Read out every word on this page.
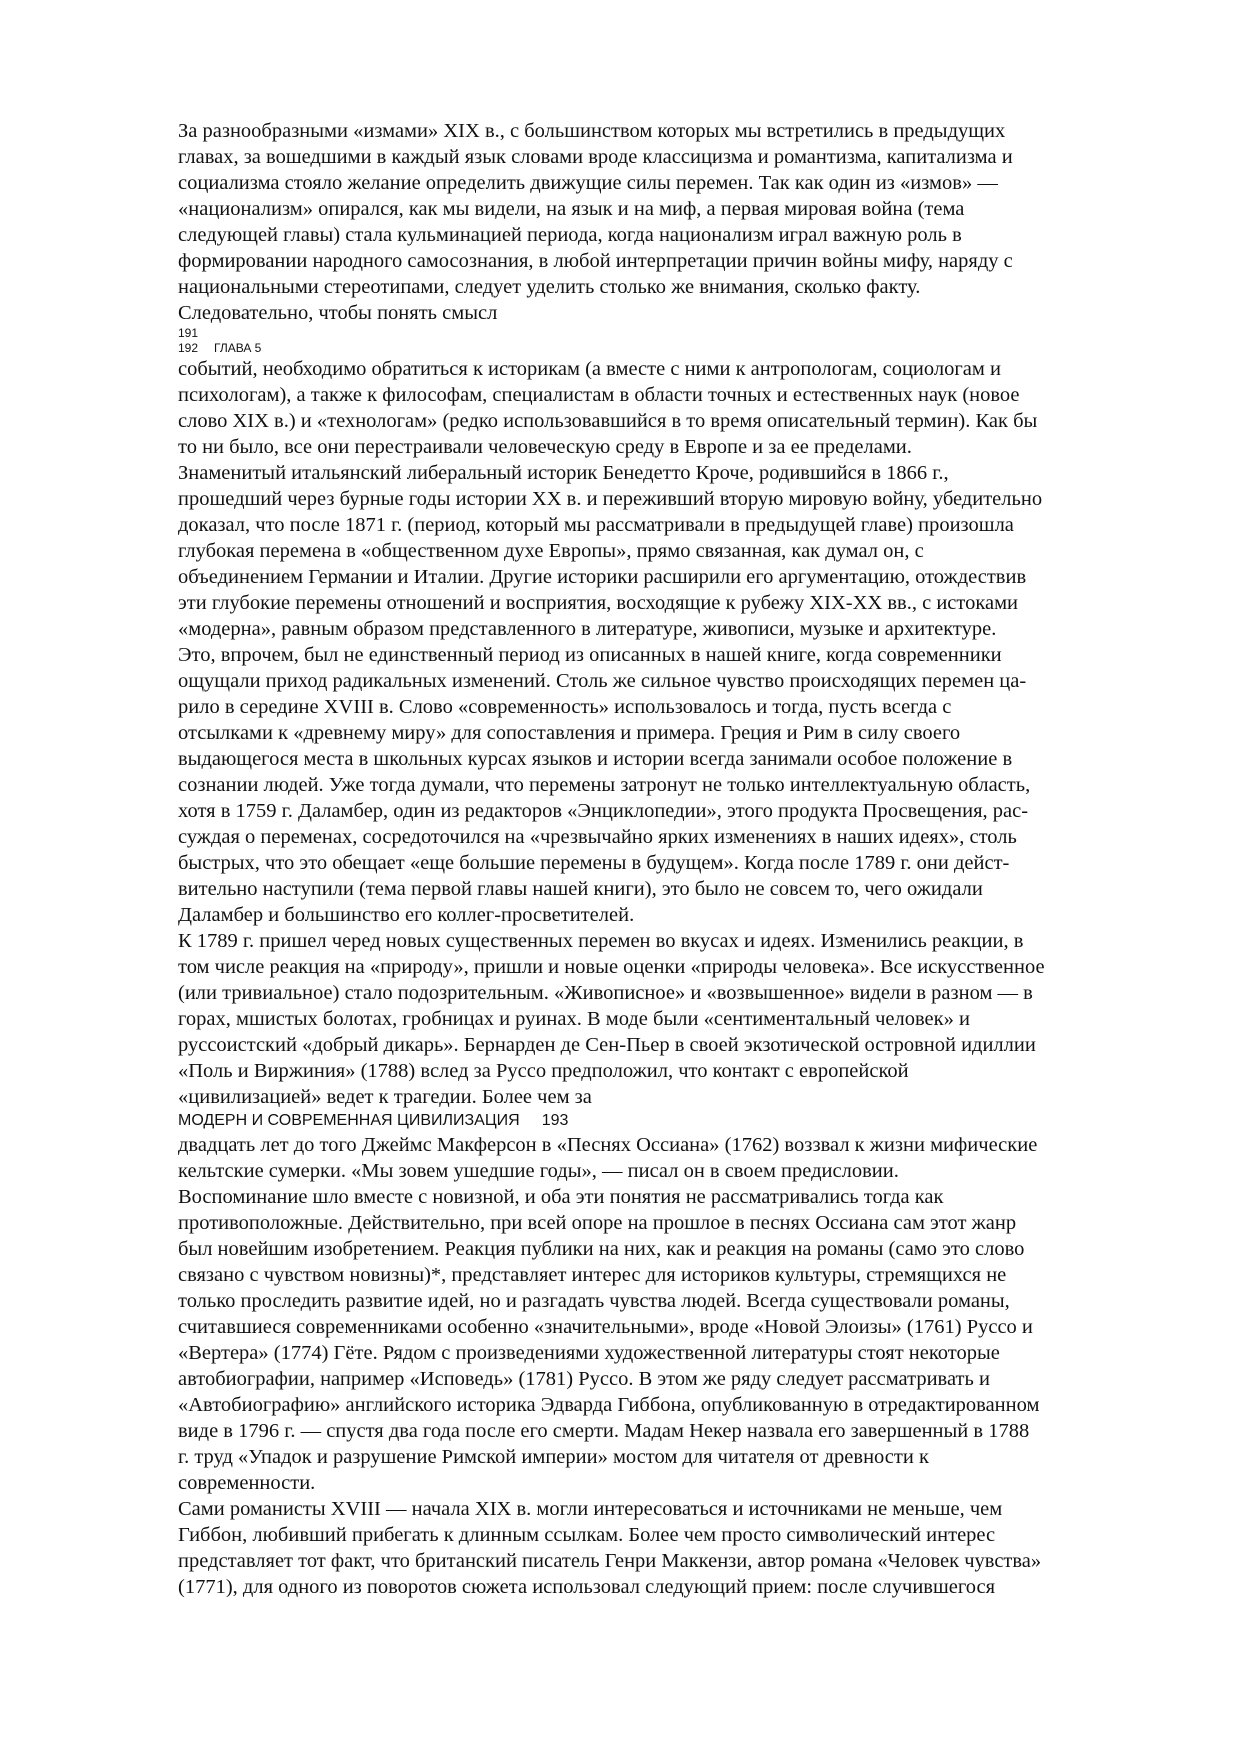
За разнообразными «измами» XIX в., с большинством которых мы встретились в предыдущих

главах, за вошедшими в каждый язык словами вроде классицизма и романтизма, капитализма и

социализма стояло желание определить движущие силы перемен. Так как один из «измов» —

«национализм» опирался, как мы видели, на язык и на миф, а первая мировая война (тема

следующей главы) стала кульминацией периода, когда национализм играл важную роль в

формировании народного самосознания, в любой интерпретации причин войны мифу, наряду с

национальными стереотипами, следует уделить столько же внимания, сколько факту.

Следовательно, чтобы понять смысл

191

192 ГЛАВА 5

событий, необходимо обратиться к историкам (а вместе с ними к антропологам, социологам и

психологам), а также к философам, специалистам в области точных и естественных наук (новое

слово XIX в.) и «технологам» (редко использовавшийся в то время описательный термин). Как бы

то ни было, все они перестраивали человеческую среду в Европе и за ее пределами.

Знаменитый итальянский либеральный историк Бенедетто Кроче, родившийся в 1866 г.,

прошедший через бурные годы истории XX в. и переживший вторую мировую войну, убедительно

доказал, что после 1871 г. (период, который мы рассматривали в предыдущей главе) произошла

глубокая перемена в «общественном духе Европы», прямо связанная, как думал он, с

объединением Германии и Италии. Другие историки расширили его аргументацию, отождествив

эти глубокие перемены отношений и восприятия, восходящие к рубежу XIX-XX вв., с истоками

«модерна», равным образом представленного в литературе, живописи, музыке и архитектуре.

Это, впрочем, был не единственный период из описанных в нашей книге, когда современники

ощущали приход радикальных изменений. Столь же сильное чувство происходящих перемен ца-

рило в середине XVIII в. Слово «современность» использовалось и тогда, пусть всегда с

отсылками к «древнему миру» для сопоставления и примера. Греция и Рим в силу своего

выдающегося места в школьных курсах языков и истории всегда занимали особое положение в

сознании людей. Уже тогда думали, что перемены затронут не только интеллектуальную область,

хотя в 1759 г. Даламбер, один из редакторов «Энциклопедии», этого продукта Просвещения, рас-

суждая о переменах, сосредоточился на «чрезвычайно ярких изменениях в наших идеях», столь

быстрых, что это обещает «еще большие перемены в будущем». Когда после 1789 г. они дейст-

вительно наступили (тема первой главы нашей книги), это было не совсем то, чего ожидали

Даламбер и большинство его коллег-просветителей.

К 1789 г. пришел черед новых существенных перемен во вкусах и идеях. Изменились реакции, в

том числе реакция на «природу», пришли и новые оценки «природы человека». Все искусственное

(или тривиальное) стало подозрительным. «Живописное» и «возвышенное» видели в разном — в

горах, мшистых болотах, гробницах и руинах. В моде были «сентиментальный человек» и

руссоистский «добрый дикарь». Бернарден де Сен-Пьер в своей экзотической островной идиллии

«Поль и Виржиния» (1788) вслед за Руссо предположил, что контакт с европейской

«цивилизацией» ведет к трагедии. Более чем за

МОДЕРН И СОВРЕМЕННАЯ ЦИВИЛИЗАЦИЯ 193

двадцать лет до того Джеймс Макферсон в «Песнях Оссиана» (1762) воззвал к жизни мифические

кельтские сумерки. «Мы зовем ушедшие годы», — писал он в своем предисловии.

Воспоминание шло вместе с новизной, и оба эти понятия не рассматривались тогда как

противоположные. Действительно, при всей опоре на прошлое в песнях Оссиана сам этот жанр

был новейшим изобретением. Реакция публики на них, как и реакция на романы (само это слово

связано с чувством новизны)*, представляет интерес для историков культуры, стремящихся не

только проследить развитие идей, но и разгадать чувства людей. Всегда существовали романы,

считавшиеся современниками особенно «значительными», вроде «Новой Элоизы» (1761) Руссо и

«Вертера» (1774) Гёте. Рядом с произведениями художественной литературы стоят некоторые

автобиографии, например «Исповедь» (1781) Руссо. В этом же ряду следует рассматривать и

«Автобиографию» английского историка Эдварда Гиббона, опубликованную в отредактированном

виде в 1796 г. — спустя два года после его смерти. Мадам Некер назвала его завершенный в 1788

г. труд «Упадок и разрушение Римской империи» мостом для читателя от древности к

современности.

Сами романисты XVIII — начала XIX в. могли интересоваться и источниками не меньше, чем

Гиббон, любивший прибегать к длинным ссылкам. Более чем просто символический интерес

представляет тот факт, что британский писатель Генри Маккензи, автор романа «Человек чувства»

(1771), для одного из поворотов сюжета использовал следующий прием: после случившегося
